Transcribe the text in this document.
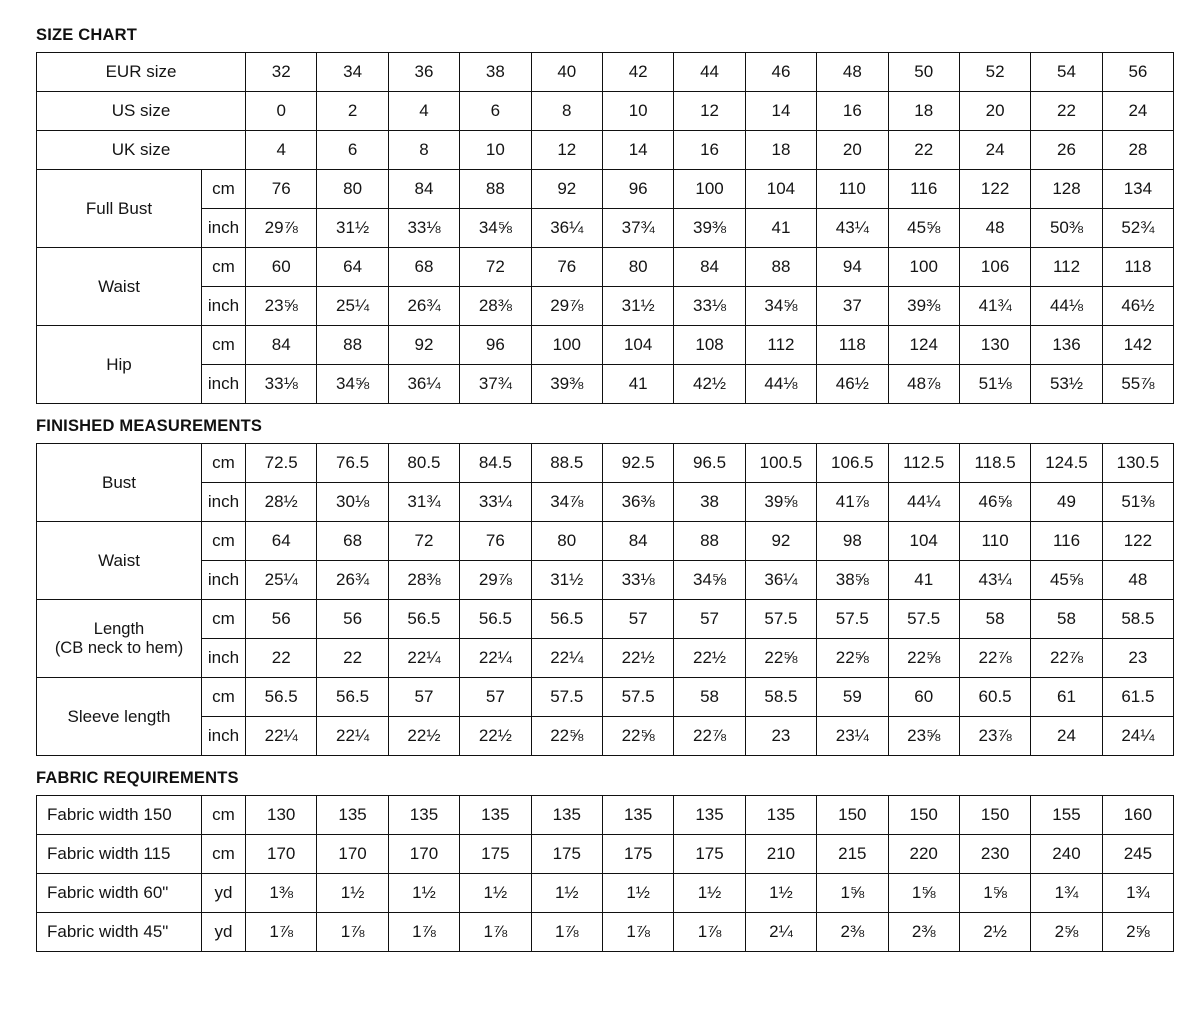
SIZE CHART
EUR size		32	34	36	38	40	42	44	46	48	50	52	54	56
US size		0	2	4	6	8	10	12	14	16	18	20	22	24
UK size		4	6	8	10	12	14	16	18	20	22	24	26	28
Full Bust	cm	76	80	84	88	92	96	100	104	110	116	122	128	134
	inch	29⅞	31½	33⅛	34⅝	36¼	37¾	39⅜	41	43¼	45⅝	48	50⅜	52¾
Waist	cm	60	64	68	72	76	80	84	88	94	100	106	112	118
	inch	23⅝	25¼	26¾	28⅜	29⅞	31½	33⅛	34⅝	37	39⅜	41¾	44⅛	46½
Hip	cm	84	88	92	96	100	104	108	112	118	124	130	136	142
	inch	33⅛	34⅝	36¼	37¾	39⅜	41	42½	44⅛	46½	48⅞	51⅛	53½	55⅞
FINISHED MEASUREMENTS
Bust	cm	72.5	76.5	80.5	84.5	88.5	92.5	96.5	100.5	106.5	112.5	118.5	124.5	130.5
	inch	28½	30⅛	31¾	33¼	34⅞	36⅜	38	39⅝	41⅞	44¼	46⅝	49	51⅜
Waist	cm	64	68	72	76	80	84	88	92	98	104	110	116	122
	inch	25¼	26¾	28⅜	29⅞	31½	33⅛	34⅝	36¼	38⅝	41	43¼	45⅝	48

Length
(CB neck to hem)	cm	56	56	56.5	56.5	56.5	57	57	57.5	57.5	57.5	58	58	58.5
	inch	22	22	22¼	22¼	22¼	22½	22½	22⅝	22⅝	22⅝	22⅞	22⅞	23
Sleeve length	cm	56.5	56.5	57	57	57.5	57.5	58	58.5	59	60	60.5	61	61.5
	inch	22¼	22¼	22½	22½	22⅝	22⅝	22⅞	23	23¼	23⅝	23⅞	24	24¼
FABRIC REQUIREMENTS
Fabric width 150	cm	130	135	135	135	135	135	135	135	150	150	150	155	160
Fabric width 115	cm	170	170	170	175	175	175	175	210	215	220	230	240	245
Fabric width 60"	yd	1⅜	1½	1½	1½	1½	1½	1½	1½	1⅝	1⅝	1⅝	1¾	1¾
Fabric width 45"	yd	1⅞	1⅞	1⅞	1⅞	1⅞	1⅞	1⅞	2¼	2⅜	2⅜	2½	2⅝	2⅝
